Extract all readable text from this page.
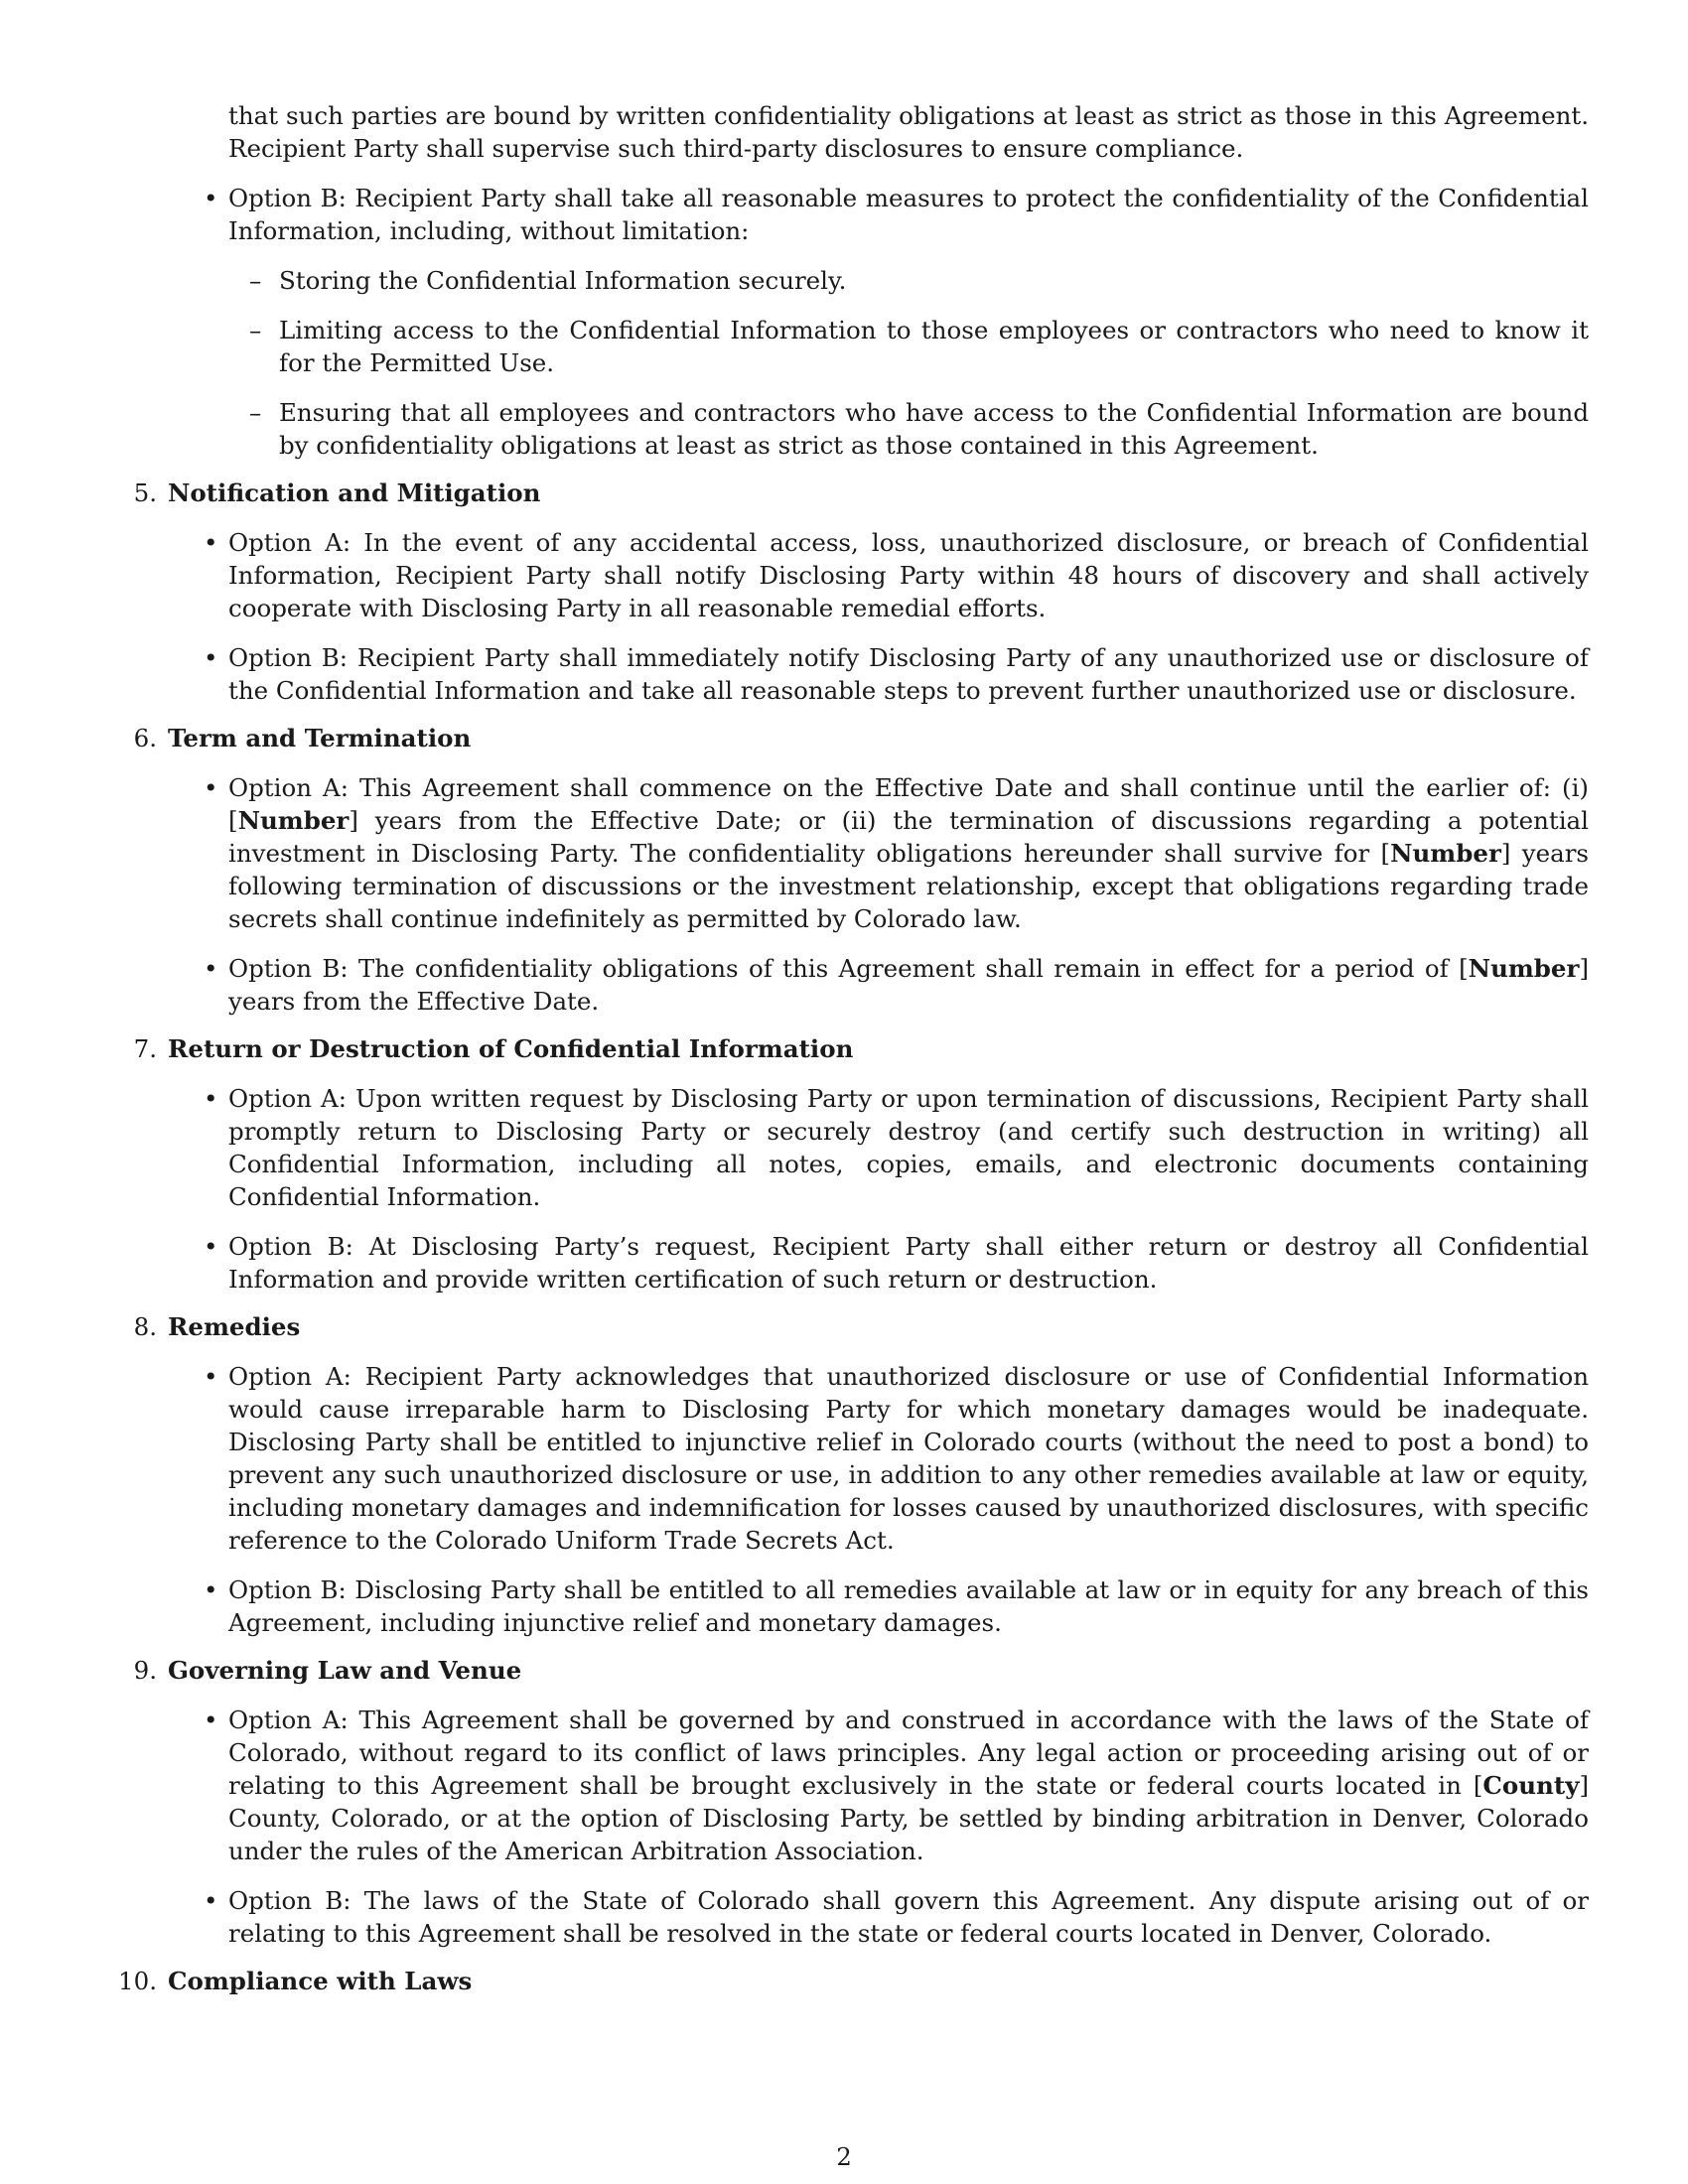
that such parties are bound by written confidentiality obligations at least as strict as those in this Agreement. Recipient Party shall supervise such third-party disclosures to ensure compliance.

• Option B: Recipient Party shall take all reasonable measures to protect the confidentiality of the Confidential Information, including, without limitation:

– Storing the Confidential Information securely.

– Limiting access to the Confidential Information to those employees or contractors who need to know it for the Permitted Use.

– Ensuring that all employees and contractors who have access to the Confidential Information are bound by confidentiality obligations at least as strict as those contained in this Agreement.

5. Notification and Mitigation

• Option A: In the event of any accidental access, loss, unauthorized disclosure, or breach of Confidential Information, Recipient Party shall notify Disclosing Party within 48 hours of discovery and shall actively cooperate with Disclosing Party in all reasonable remedial efforts.

• Option B: Recipient Party shall immediately notify Disclosing Party of any unauthorized use or disclosure of the Confidential Information and take all reasonable steps to prevent further unauthorized use or disclosure.

6. Term and Termination

• Option A: This Agreement shall commence on the Effective Date and shall continue until the earlier of: (i) [Number] years from the Effective Date; or (ii) the termination of discussions regarding a potential investment in Disclosing Party. The confidentiality obligations hereunder shall survive for [Number] years following termination of discussions or the investment relationship, except that obligations regarding trade secrets shall continue indefinitely as permitted by Colorado law.

• Option B: The confidentiality obligations of this Agreement shall remain in effect for a period of [Number] years from the Effective Date.

7. Return or Destruction of Confidential Information

• Option A: Upon written request by Disclosing Party or upon termination of discussions, Recipient Party shall promptly return to Disclosing Party or securely destroy (and certify such destruction in writing) all Confidential Information, including all notes, copies, emails, and electronic documents containing Confidential Information.

• Option B: At Disclosing Party’s request, Recipient Party shall either return or destroy all Confidential Information and provide written certification of such return or destruction.

8. Remedies

• Option A: Recipient Party acknowledges that unauthorized disclosure or use of Confidential Information would cause irreparable harm to Disclosing Party for which monetary damages would be inadequate. Disclosing Party shall be entitled to injunctive relief in Colorado courts (without the need to post a bond) to prevent any such unauthorized disclosure or use, in addition to any other remedies available at law or equity, including monetary damages and indemnification for losses caused by unauthorized disclosures, with specific reference to the Colorado Uniform Trade Secrets Act.

• Option B: Disclosing Party shall be entitled to all remedies available at law or in equity for any breach of this Agreement, including injunctive relief and monetary damages.

9. Governing Law and Venue

• Option A: This Agreement shall be governed by and construed in accordance with the laws of the State of Colorado, without regard to its conflict of laws principles. Any legal action or proceeding arising out of or relating to this Agreement shall be brought exclusively in the state or federal courts located in [County] County, Colorado, or at the option of Disclosing Party, be settled by binding arbitration in Denver, Colorado under the rules of the American Arbitration Association.

• Option B: The laws of the State of Colorado shall govern this Agreement. Any dispute arising out of or relating to this Agreement shall be resolved in the state or federal courts located in Denver, Colorado.

10. Compliance with Laws
2
